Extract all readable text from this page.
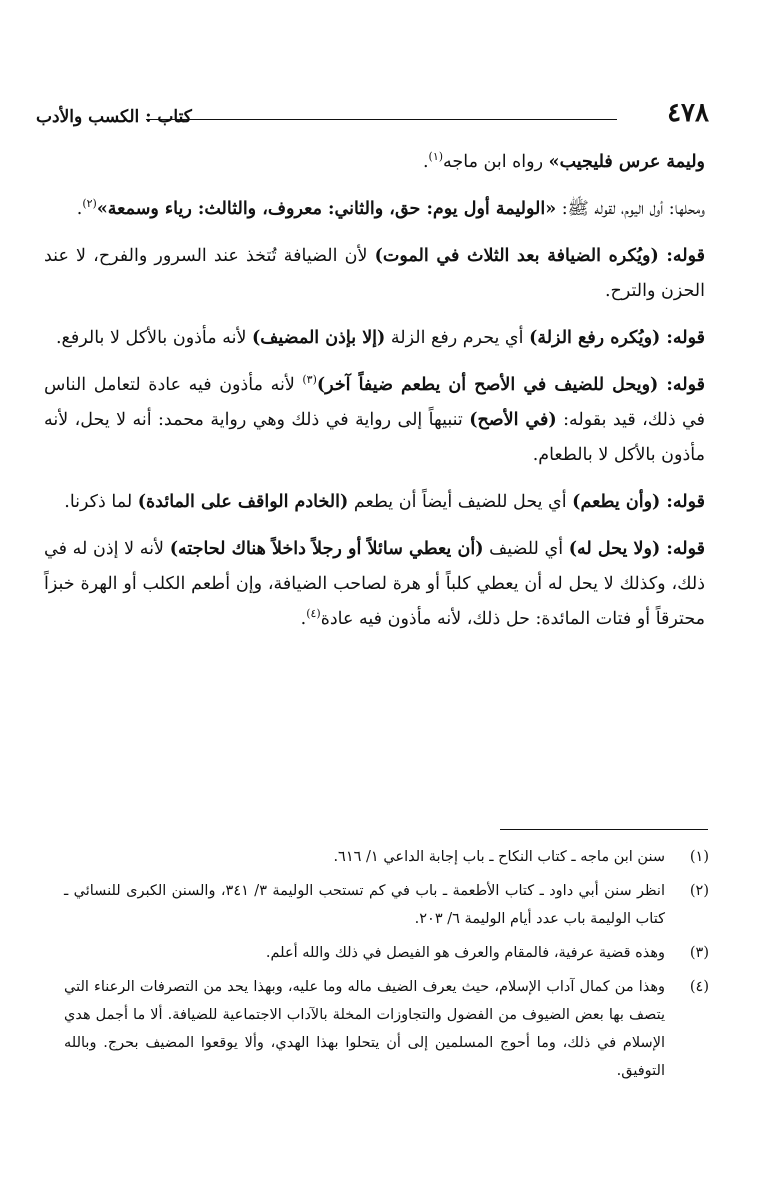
٤٧٨
كتاب : الكسب والأدب

وليمة عرس فليجيب» رواه ابن ماجه$^{(١)}$.

ومحلها: أول اليوم، لقوله ﷺ: «الوليمة أول يوم: حق، والثاني: معروف، والثالث: رياء وسمعة»$^{(٢)}$.

قوله: (ويُكره الضيافة بعد الثلاث في الموت) لأن الضيافة تُتخذ عند السرور والفرح، لا عند الحزن والترح.

قوله: (ويُكره رفع الزلة) أي يحرم رفع الزلة (إلا بإذن المضيف) لأنه مأذون بالأكل لا بالرفع.

قوله: (ويحل للضيف في الأصح أن يطعم ضيفاً آخر)$^{(٣)}$ لأنه مأذون فيه عادة لتعامل الناس في ذلك، قيد بقوله: (في الأصح) تنبيهاً إلى رواية في ذلك وهي رواية محمد: أنه لا يحل، لأنه مأذون بالأكل لا بالطعام.

قوله: (وأن يطعم) أي يحل للضيف أيضاً أن يطعم (الخادم الواقف على المائدة) لما ذكرنا.

قوله: (ولا يحل له) أي للضيف (أن يعطي سائلاً أو رجلاً داخلاً هناك لحاجته) لأنه لا إذن له في ذلك، وكذلك لا يحل له أن يعطي كلباً أو هرة لصاحب الضيافة، وإن أطعم الكلب أو الهرة خبزاً محترقاً أو فتات المائدة: حل ذلك، لأنه مأذون فيه عادة$^{(٤)}$.

(١)
سنن ابن ماجه ـ كتاب النكاح ـ باب إجابة الداعي ١/ ٦١٦.
(٢)
انظر سنن أبي داود ـ كتاب الأطعمة ـ باب في كم تستحب الوليمة ٣/ ٣٤١، والسنن الكبرى للنسائي ـ كتاب الوليمة باب عدد أيام الوليمة ٦/ ٢٠٣.
(٣)
وهذه قضية عرفية، فالمقام والعرف هو الفيصل في ذلك والله أعلم.
(٤)
وهذا من كمال آداب الإسلام، حيث يعرف الضيف ماله وما عليه، وبهذا يحد من التصرفات الرعناء التي يتصف بها بعض الضيوف من الفضول والتجاوزات المخلة بالآداب الاجتماعية للضيافة. ألا ما أجمل هدي الإسلام في ذلك، وما أحوج المسلمين إلى أن يتحلوا بهذا الهدي، وألا يوقعوا المضيف بحرج. وبالله التوفيق.
